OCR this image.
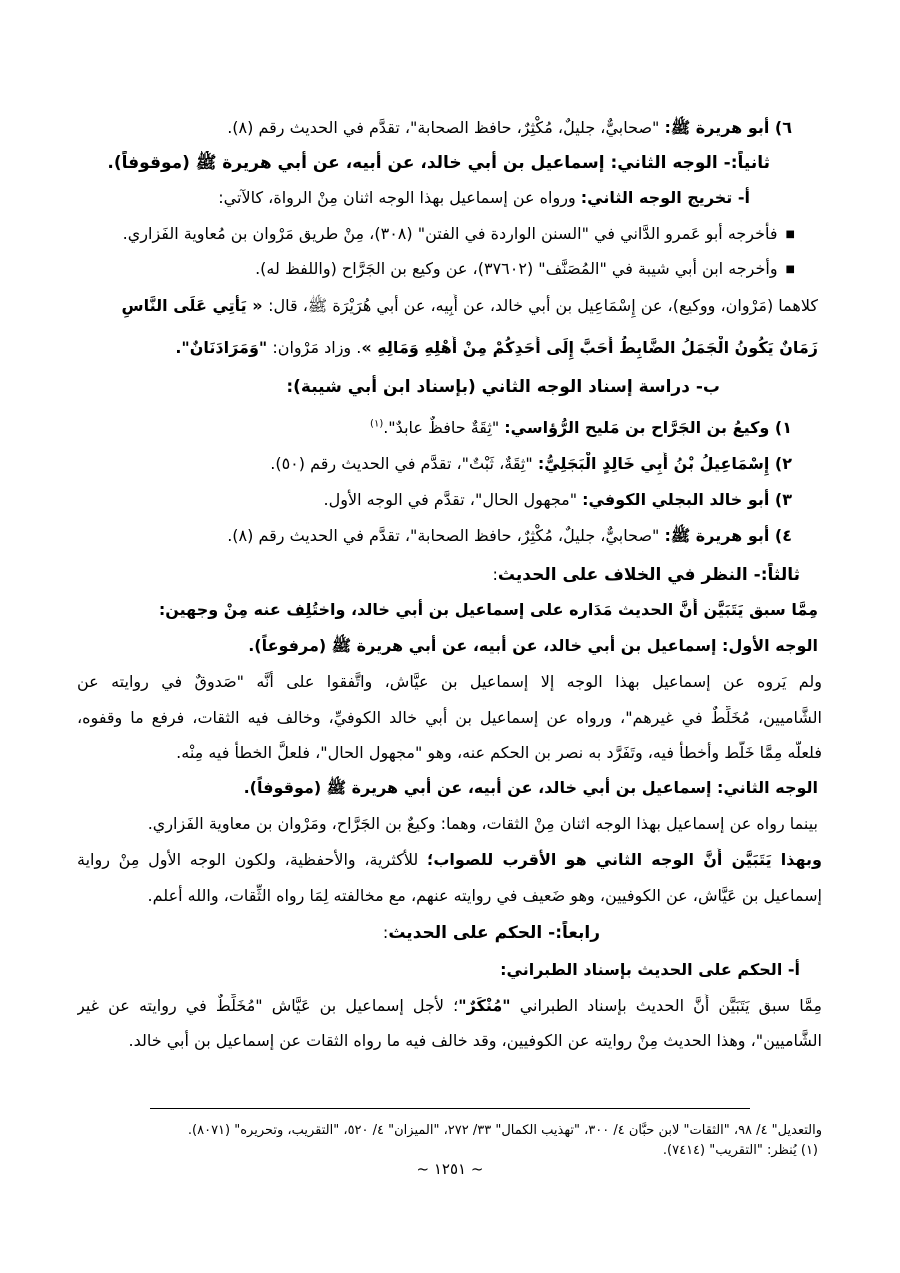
٦) أبو هريرة ﷺ: "صحابيٌّ، جليلٌ، مُكْثِرٌ، حافظ الصحابة"، تقدَّم في الحديث رقم (٨).
ثانياً:- الوجه الثاني: إسماعيل بن أبي خالد، عن أبيه، عن أبي هريرة ﷺ (موقوفاً).
أ- تخريج الوجه الثاني: ورواه عن إسماعيل بهذا الوجه اثنان مِنْ الرواة، كالآتي:
■فأخرجه أبو عَمرو الدَّاني في "السنن الواردة في الفتن" (٣٠٨)، مِنْ طريق مَرْوان بن مُعاوية الفَزاري.
■وأخرجه ابن أبي شيبة في "المُصَنَّف" (٣٧٦٠٢)، عن وكيع بن الجَرَّاح (واللفظ له).
كلاهما (مَرْوان، ووكيع)، عن إِسْمَاعِيل بن أبي خالد، عن أَبِيه، عن أبي هُرَيْرَة ﷺ، قال: « يَأْتِي عَلَى النَّاسِ
زَمَانٌ يَكُونُ الْجَمَلُ الضَّابِطُ أَحَبَّ إِلَى أَحَدِكُمْ مِنْ أَهْلِهِ وَمَالِهِ ». وزاد مَرْوان: "وَمَرَادَنَانٌ".
ب- دراسة إسناد الوجه الثاني (بإسناد ابن أبي شيبة):
١) وكيعُ بن الجَرَّاح بن مَليح الرُّؤاسي: "ثِقَةٌ حافظٌ عابدٌ".$^{(١)}$
٢) إِسْمَاعِيلُ بْنُ أَبِي خَالِدٍ الْبَجَلِيُّ: "ثِقَةٌ، ثَبْتٌ"، تقدَّم في الحديث رقم (٥٠).
٣) أبو خالد البجلي الكوفي: "مجهول الحال"، تقدَّم في الوجه الأول.
٤) أبو هريرة ﷺ: "صحابيٌّ، جليلٌ، مُكْثِرٌ، حافظ الصحابة"، تقدَّم في الحديث رقم (٨).
ثالثاً:- النظر في الخلاف على الحديث:
مِمَّا سبق يَتَبَيَّن أَنَّ الحديث مَدَاره على إسماعيل بن أبي خالد، واختُلِف عنه مِنْ وجهين:
الوجه الأول: إسماعيل بن أبي خالد، عن أبيه، عن أبي هريرة ﷺ (مرفوعاً).
ولم يَروه عن إسماعيل بهذا الوجه إلا إسماعيل بن عيَّاش، واتَّفقوا على أنَّه "صَدوقٌ في روايته عن
الشَّاميين، مُخَلِّطٌ في غيرهم"، ورواه عن إسماعيل بن أبي خالد الكوفيِّ، وخالف فيه الثقات، فرفع ما وقفوه،
فلعلَّه مِمَّا خَلَّط وأخطأ فيه، وتَفَرَّد به نصر بن الحكم عنه، وهو "مجهول الحال"، فلعلَّ الخطأ فيه مِنْه.
الوجه الثاني: إسماعيل بن أبي خالد، عن أبيه، عن أبي هريرة ﷺ (موقوفاً).
بينما رواه عن إسماعيل بهذا الوجه اثنان مِنْ الثقات، وهما: وكيعٌ بن الجَرَّاح، ومَرْوان بن معاوية الفَزاري.
وبهذا يَتَبَيَّن أَنَّ الوجه الثاني هو الأقرب للصواب؛ للأكثرية، والأحفظية، ولكون الوجه الأول مِنْ رواية
إسماعيل بن عَيَّاش، عن الكوفيين، وهو ضَعيف في روايته عنهم، مع مخالفته لِمَا رواه الثِّقات، والله أعلم.
رابعاً:- الحكم على الحديث:
أ- الحكم على الحديث بإسناد الطبراني:
مِمَّا سبق يَتَبَيَّن أَنَّ الحديث بإسناد الطبراني "مُنْكَرٌ"؛ لأجل إسماعيل بن عَيَّاش "مُخَلِّطٌ في روايته عن غير
الشَّاميين"، وهذا الحديث مِنْ روايته عن الكوفيين، وقد خالف فيه ما رواه الثقات عن إسماعيل بن أبي خالد.
والتعديل" ٤/ ٩٨، "الثقات" لابن حبَّان ٤/ ٣٠٠، "تهذيب الكمال" ٣٣/ ٢٧٢، "الميزان" ٤/ ٥٢٠، "التقريب، وتحريره" (٨٠٧١).
(١) يُنظر: "التقريب" (٧٤١٤).
~ ١٢٥١ ~
